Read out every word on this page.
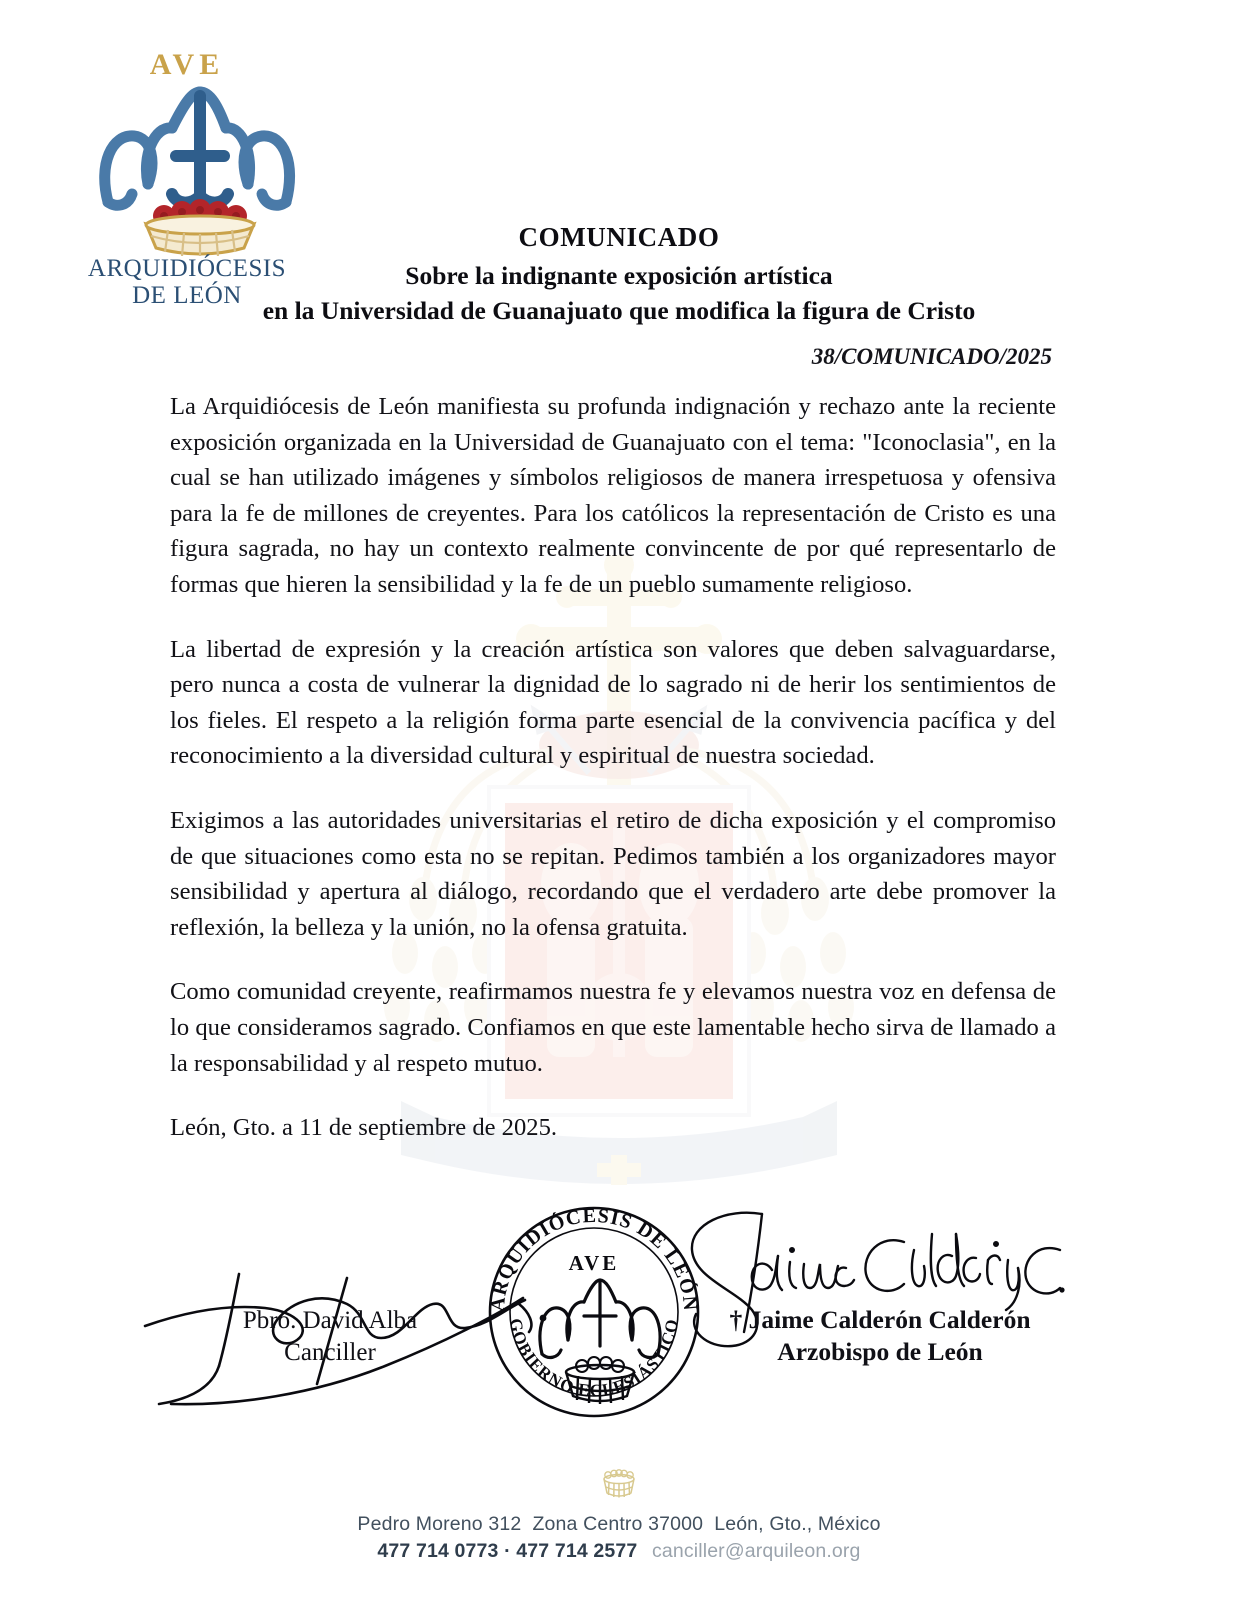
AVE
ARQUIDIÓCESIS
DE LEÓN
COMUNICADO
Sobre la indignante exposición artística
en la Universidad de Guanajuato que modifica la figura de Cristo
38/COMUNICADO/2025

La Arquidiócesis de León manifiesta su profunda indignación y rechazo ante la reciente exposición organizada en la Universidad de Guanajuato con el tema: "Iconoclasia", en la cual se han utilizado imágenes y símbolos religiosos de manera irrespetuosa y ofensiva para la fe de millones de creyentes. Para los católicos la representación de Cristo es una figura sagrada, no hay un contexto realmente convincente de por qué representarlo de formas que hieren la sensibilidad y la fe de un pueblo sumamente religioso.

La libertad de expresión y la creación artística son valores que deben salvaguardarse, pero nunca a costa de vulnerar la dignidad de lo sagrado ni de herir los sentimientos de los fieles. El respeto a la religión forma parte esencial de la convivencia pacífica y del reconocimiento a la diversidad cultural y espiritual de nuestra sociedad.

Exigimos a las autoridades universitarias el retiro de dicha exposición y el compromiso de que situaciones como esta no se repitan. Pedimos también a los organizadores mayor sensibilidad y apertura al diálogo, recordando que el verdadero arte debe promover la reflexión, la belleza y la unión, no la ofensa gratuita.

Como comunidad creyente, reafirmamos nuestra fe y elevamos nuestra voz en defensa de lo que consideramos sagrado. Confiamos en que este lamentable hecho sirva de llamado a la responsabilidad y al respeto mutuo.

León, Gto. a 11 de septiembre de 2025.

Pbro. David Alba
Canciller
† Jaime Calderón Calderón
Arzobispo de León
ARQUIDIÓCESIS DE LEÓN
GOBIERNO ECLESIÁSTICO
AVE
Pedro Moreno 312  Zona Centro 37000  León, Gto., México
477 714 0773 · 477 714 2577 canciller@arquileon.org
